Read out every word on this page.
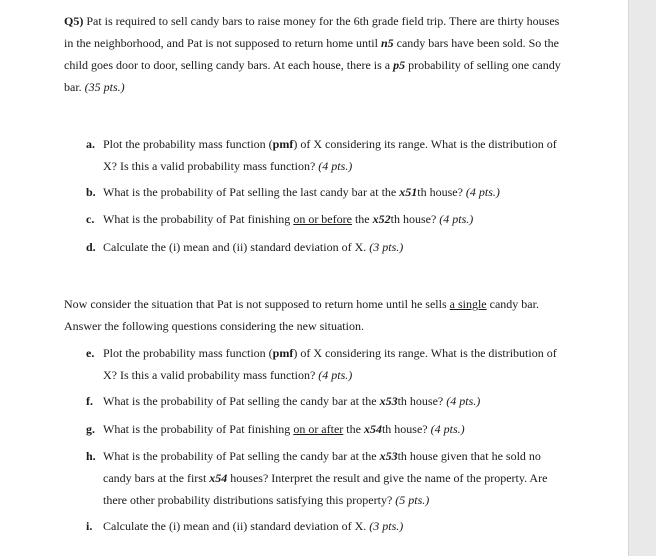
Q5) Pat is required to sell candy bars to raise money for the 6th grade field trip. There are thirty houses in the neighborhood, and Pat is not supposed to return home until n5 candy bars have been sold. So the child goes door to door, selling candy bars. At each house, there is a p5 probability of selling one candy bar. (35 pts.)

a. Plot the probability mass function (pmf) of X considering its range. What is the distribution of X? Is this a valid probability mass function? (4 pts.)
b. What is the probability of Pat selling the last candy bar at the x51th house? (4 pts.)
c. What is the probability of Pat finishing on or before the x52th house? (4 pts.)
d. Calculate the (i) mean and (ii) standard deviation of X. (3 pts.)

Now consider the situation that Pat is not supposed to return home until he sells a single candy bar. Answer the following questions considering the new situation.

e. Plot the probability mass function (pmf) of X considering its range. What is the distribution of X? Is this a valid probability mass function? (4 pts.)
f. What is the probability of Pat selling the candy bar at the x53th house? (4 pts.)
g. What is the probability of Pat finishing on or after the x54th house? (4 pts.)
h. What is the probability of Pat selling the candy bar at the x53th house given that he sold no candy bars at the first x54 houses? Interpret the result and give the name of the property. Are there other probability distributions satisfying this property? (5 pts.)
i. Calculate the (i) mean and (ii) standard deviation of X. (3 pts.)
